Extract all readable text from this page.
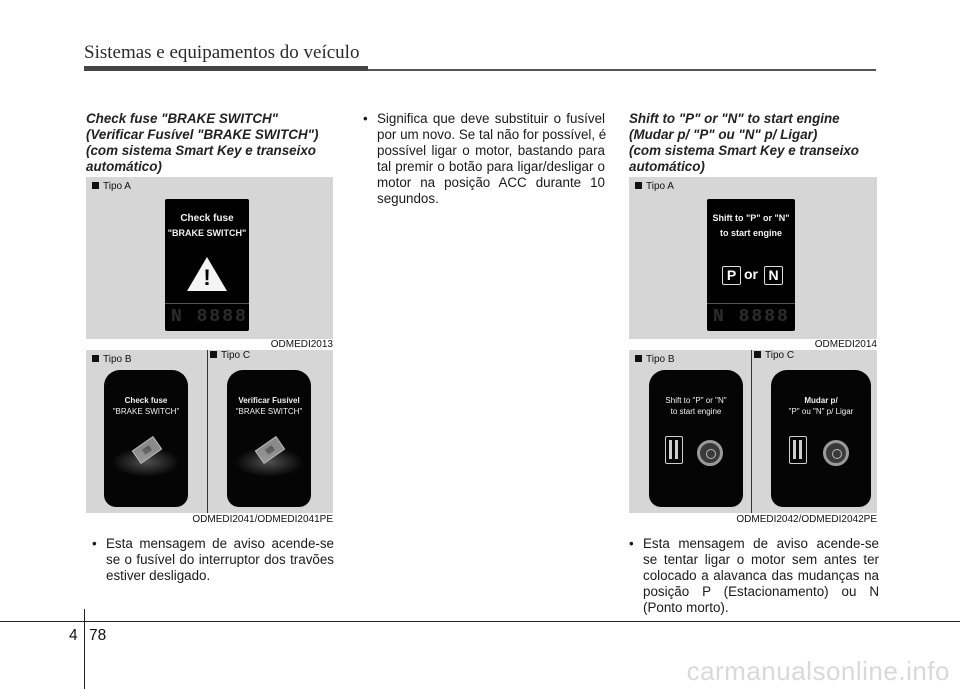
Sistemas e equipamentos do veículo
Check fuse "BRAKE SWITCH"
(Verificar Fusível "BRAKE SWITCH")
(com sistema Smart Key e transeixo
automático)
Tipo A
Check fuse
"BRAKE SWITCH"
!
N 8888
ODMEDI2013
Tipo B	Tipo C
Check fuse
"BRAKE SWITCH"
Verificar Fusível
"BRAKE SWITCH"
ODMEDI2041/ODMEDI2041PE
• Esta mensagem de aviso acende-se
se o fusível do interruptor dos travões
estiver desligado.
• Significa que deve substituir o fusível
por um novo. Se tal não for possível, é
possível ligar o motor, bastando para
tal premir o botão para ligar/desligar o
motor na posição ACC durante 10
segundos.
Shift to "P" or "N" to start engine
(Mudar p/ "P" ou "N" p/ Ligar)
(com sistema Smart Key e transeixo
automático)
Tipo A
Shift to "P" or "N"
to start engine
P or N
N 8888
ODMEDI2014
Tipo B	Tipo C
Shift to "P" or "N"
to start engine
Mudar p/
"P" ou "N" p/ Ligar
ODMEDI2042/ODMEDI2042PE
• Esta mensagem de aviso acende-se
se tentar ligar o motor sem antes ter
colocado a alavanca das mudanças na
posição P (Estacionamento) ou N
(Ponto morto).
4 78
carmanualsonline.info
